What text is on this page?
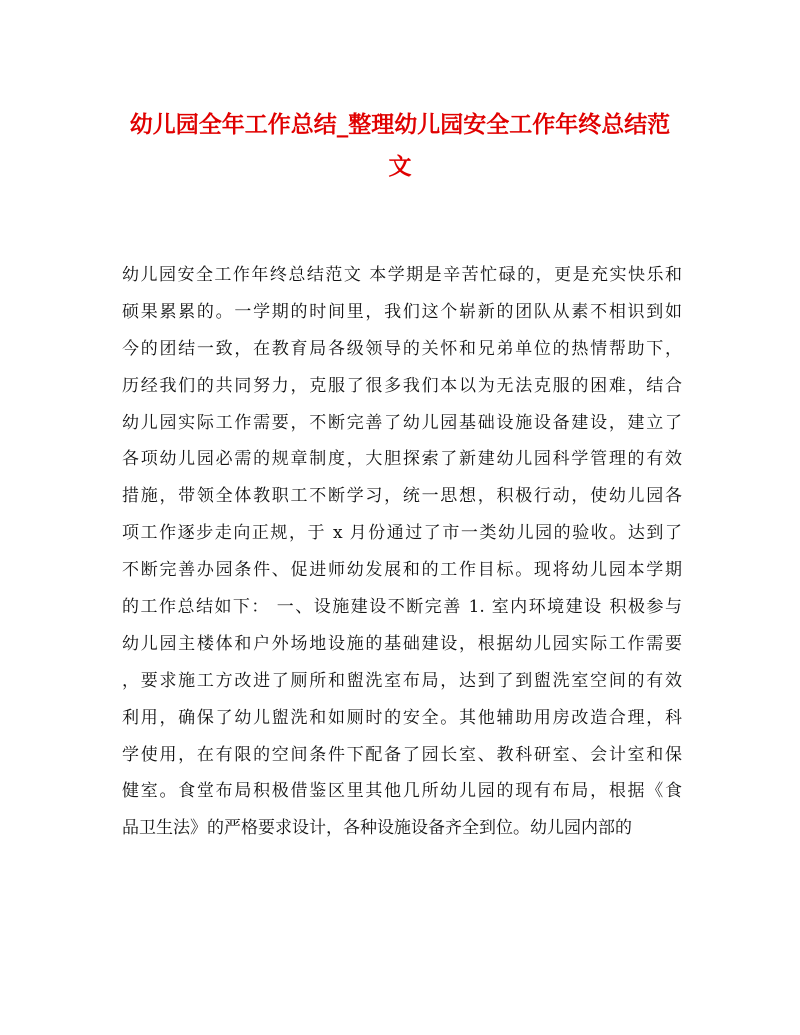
幼儿园全年工作总结_整理幼儿园安全工作年终总结范
文
幼儿园安全工作年终总结范文 本学期是辛苦忙碌的，更是充实快乐和
硕果累累的。一学期的时间里，我们这个崭新的团队从素不相识到如
今的团结一致，在教育局各级领导的关怀和兄弟单位的热情帮助下，
历经我们的共同努力，克服了很多我们本以为无法克服的困难，结合
幼儿园实际工作需要，不断完善了幼儿园基础设施设备建设，建立了
各项幼儿园必需的规章制度，大胆探索了新建幼儿园科学管理的有效
措施，带领全体教职工不断学习，统一思想，积极行动，使幼儿园各
项工作逐步走向正规，于 x 月份通过了市一类幼儿园的验收。达到了
不断完善办园条件、促进师幼发展和的工作目标。现将幼儿园本学期
的工作总结如下： 一、设施建设不断完善 1. 室内环境建设 积极参与
幼儿园主楼体和户外场地设施的基础建设，根据幼儿园实际工作需要
，要求施工方改进了厕所和盥洗室布局，达到了到盥洗室空间的有效
利用，确保了幼儿盥洗和如厕时的安全。其他辅助用房改造合理，科
学使用，在有限的空间条件下配备了园长室、教科研室、会计室和保
健室。食堂布局积极借鉴区里其他几所幼儿园的现有布局，根据《食
品卫生法》的严格要求设计，各种设施设备齐全到位。幼儿园内部的
